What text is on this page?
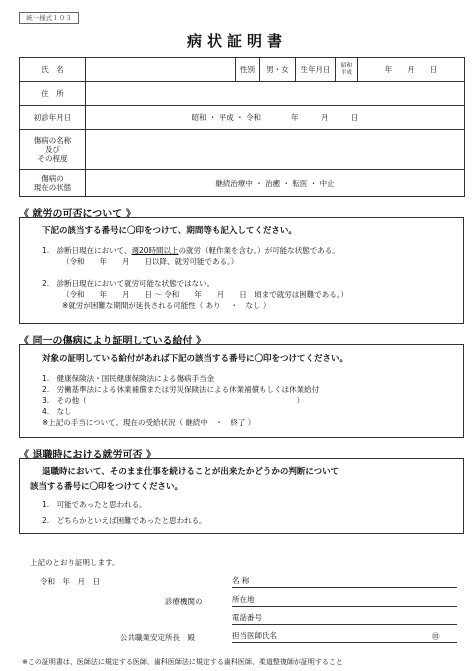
統一様式１０３
病状証明書
氏　名		性別	男・女	生年月日	昭和
平成	年　　月　　日
住　所						
初診年月日	昭和 ・ 平成 ・ 令和　　　　年　　　月　　　日					
傷病の名称
及び
その程度						
傷病の
現在の状態	継続治療中 ・ 治癒 ・ 転医 ・ 中止					
《 就労の可否について 》
下記の該当する番号に〇印をつけて、期間等も記入してください。
1.　診断日現在において、週20時間以上の就労（軽作業を含む。）が可能な状態である。
（令和　　年　　月　　日以降、就労可能である。）
2.　診断日現在において就労可能な状態ではない。
（令和　　年　　月　　日 ～ 令和　　年　　月　　日　頃まで就労は困難である。）
※就労が困難な期間が延長される可能性（ あり　 ・　なし ）
《 同一の傷病により証明している給付 》
対象の証明している給付があれば下記の該当する番号に〇印をつけてください。
1.　健康保険法・国民健康保険法による傷病手当金
2.　労働基準法による休業補償または労災保険法による休業補償もしくは休業給付
3.　その他（　　　　　　　　　　　　　　　　　　　　　　　　　　　　）
4.　なし
※上記の手当について、現在の受給状況（ 継続中　・　終了 ）
《 退職時における就労可否 》
退職時において、そのまま仕事を続けることが出来たかどうかの判断について
該当する番号に〇印をつけてください。
1.　可能であったと思われる。
2.　どちらかといえば困難であったと思われる。
上記のとおり証明します。
令和　年　月　日	名 称
診療機関の	所在地
電話番号
公共職業安定所長　殿	担当医師氏名	㊞
※この証明書は、医師法に規定する医師、歯科医師法に規定する歯科医師、柔道整復師が証明すること
